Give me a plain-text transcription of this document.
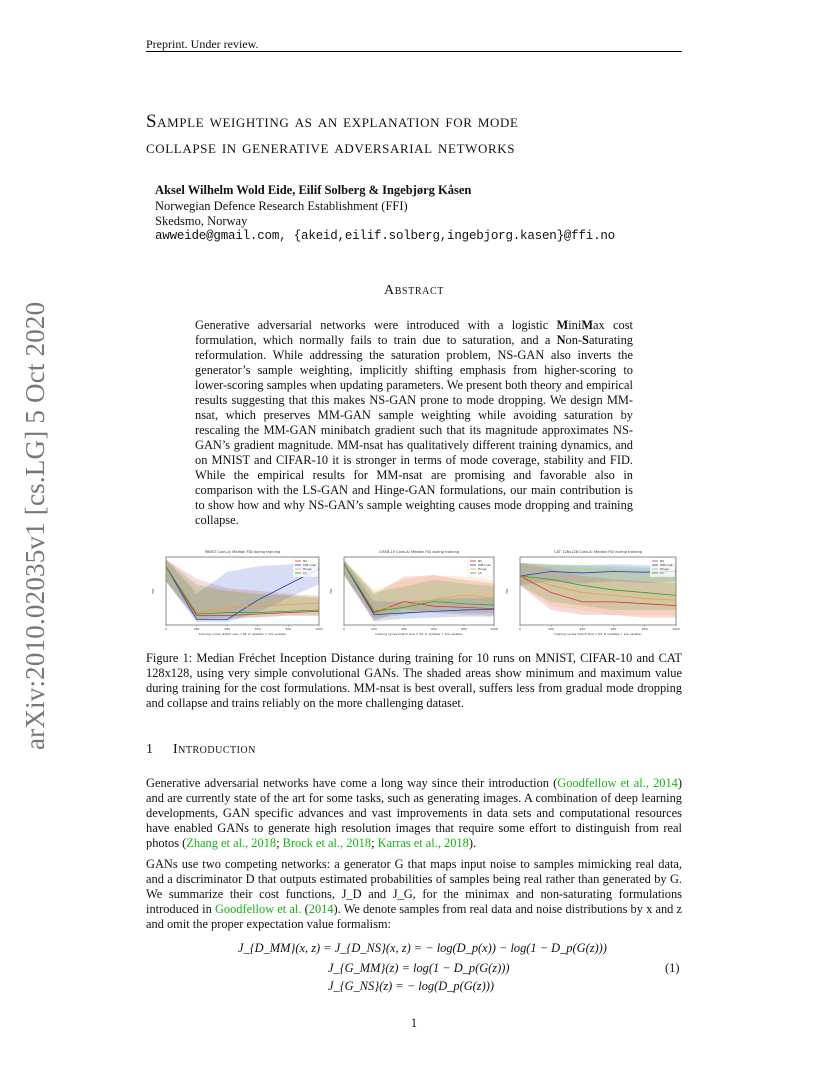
Preprint. Under review.
Sample weighting as an explanation for mode
collapse in generative adversarial networks
Aksel Wilhelm Wold Eide, Eilif Solberg & Ingebjørg Kåsen
Norwegian Defence Research Establishment (FFI)
Skedsmo, Norway
awweide@gmail.com, {akeid,eilif.solberg,ingebjorg.kasen}@ffi.no
Abstract
Generative adversarial networks were introduced with a logistic MiniMax cost formulation, which normally fails to train due to saturation, and a Non-Saturating reformulation. While addressing the saturation problem, NS-GAN also inverts the generator’s sample weighting, implicitly shifting emphasis from higher-scoring to lower-scoring samples when updating parameters. We present both theory and empirical results suggesting that this makes NS-GAN prone to mode dropping. We design MM-nsat, which preserves MM-GAN sample weighting while avoiding saturation by rescaling the MM-GAN minibatch gradient such that its magnitude approximates NS-GAN’s gradient magnitude. MM-nsat has qualitatively different training dynamics, and on MNIST and CIFAR-10 it is stronger in terms of mode coverage, stability and FID. While the empirical results for MM-nsat are promising and favorable also in comparison with the LS-GAN and Hinge-GAN formulations, our main contribution is to show how and why NS-GAN’s sample weighting causes mode dropping and training collapse.
arXiv:2010.02035v1 [cs.LG] 5 Oct 2020	MNIST Conv-A: Median FID during training
training cycles (batch size = 64, D updates = 1/G update)
FID
0	200	400	600	800	1000
NS
MM-nsat
Hinge
LS
CIFAR-10 Conv-A: Median FID during training
training cycles (batch size = 64, D updates = 1/G update)
FID
0	200	400	600	800	1000
NS
MM-nsat
Hinge
LS
CAT 128x128 Conv-A: Median FID during training
training cycles (batch size = 64, D updates = 1/G update)
FID
0	200	400	600	800	1000
NS
MM-nsat
Hinge
LS
Figure 1: Median Fréchet Inception Distance during training for 10 runs on MNIST, CIFAR-10 and CAT 128x128, using very simple convolutional GANs. The shaded areas show minimum and maximum value during training for the cost formulations. MM-nsat is best overall, suffers less from gradual mode dropping and collapse and trains reliably on the more challenging dataset.
1 Introduction
Generative adversarial networks have come a long way since their introduction (Goodfellow et al., 2014) and are currently state of the art for some tasks, such as generating images. A combination of deep learning developments, GAN specific advances and vast improvements in data sets and computational resources have enabled GANs to generate high resolution images that require some effort to distinguish from real photos (Zhang et al., 2018; Brock et al., 2018; Karras et al., 2018).
GANs use two competing networks: a generator G that maps input noise to samples mimicking real data, and a discriminator D that outputs estimated probabilities of samples being real rather than generated by G. We summarize their cost functions, J_D and J_G, for the minimax and non-saturating formulations introduced in Goodfellow et al. (2014). We denote samples from real data and noise distributions by x and z and omit the proper expectation value formalism:
J_{D_MM}(x, z) = J_{D_NS}(x, z) = − log(D_p(x)) − log(1 − D_p(G(z)))
J_{G_MM}(z) = log(1 − D_p(G(z)))
J_{G_NS}(z) = − log(D_p(G(z)))
(1)
1
